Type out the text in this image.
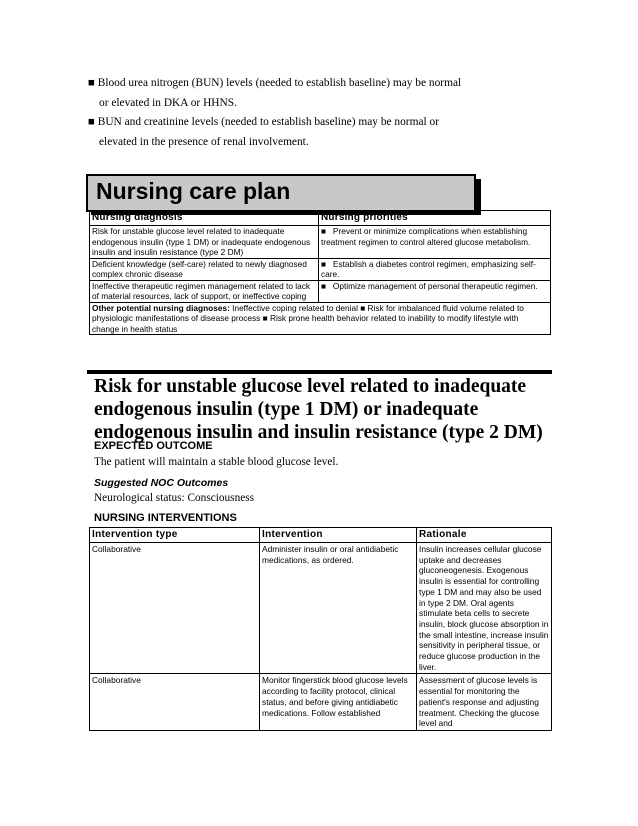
■ Blood urea nitrogen (BUN) levels (needed to establish baseline) may be normal

or elevated in DKA or HHNS.

■ BUN and creatinine levels (needed to establish baseline) may be normal or

elevated in the presence of renal involvement.

Nursing care plan
Nursing diagnosis	Nursing priorities
Risk for unstable glucose level related to inadequate endogenous insulin (type 1 DM) or inadequate endogenous insulin and insulin resistance (type 2 DM)	■   Prevent or minimize complications when establishing treatment regimen to control altered glucose metabolism.
Deficient knowledge (self-care) related to newly diagnosed complex chronic disease	■   Establish a diabetes control regimen, emphasizing self-care.
Ineffective therapeutic regimen management related to lack of material resources, lack of support, or ineffective coping	■   Optimize management of personal therapeutic regimen.
Other potential nursing diagnoses: Ineffective coping related to denial ■ Risk for imbalanced fluid volume related to physiologic manifestations of disease process ■ Risk prone health behavior related to inability to modify lifestyle with change in health status	
Risk for unstable glucose level related to inadequate endogenous insulin (type 1 DM) or inadequate endogenous insulin and insulin resistance (type 2 DM)
EXPECTED OUTCOME
The patient will maintain a stable blood glucose level.
Suggested NOC Outcomes
Neurological status: Consciousness
NURSING INTERVENTIONS
Intervention type	Intervention	Rationale
Collaborative	Administer insulin or oral antidiabetic medications, as ordered.	Insulin increases cellular glucose uptake and decreases gluconeogenesis. Exogenous insulin is essential for controlling type 1 DM and may also be used in type 2 DM. Oral agents stimulate beta cells to secrete insulin, block glucose absorption in the small intestine, increase insulin sensitivity in peripheral tissue, or reduce glucose production in the liver.
Collaborative	Monitor fingerstick blood glucose levels according to facility protocol, clinical status, and before giving antidiabetic medications. Follow established	Assessment of glucose levels is essential for monitoring the patient's response and adjusting treatment. Checking the glucose level and
